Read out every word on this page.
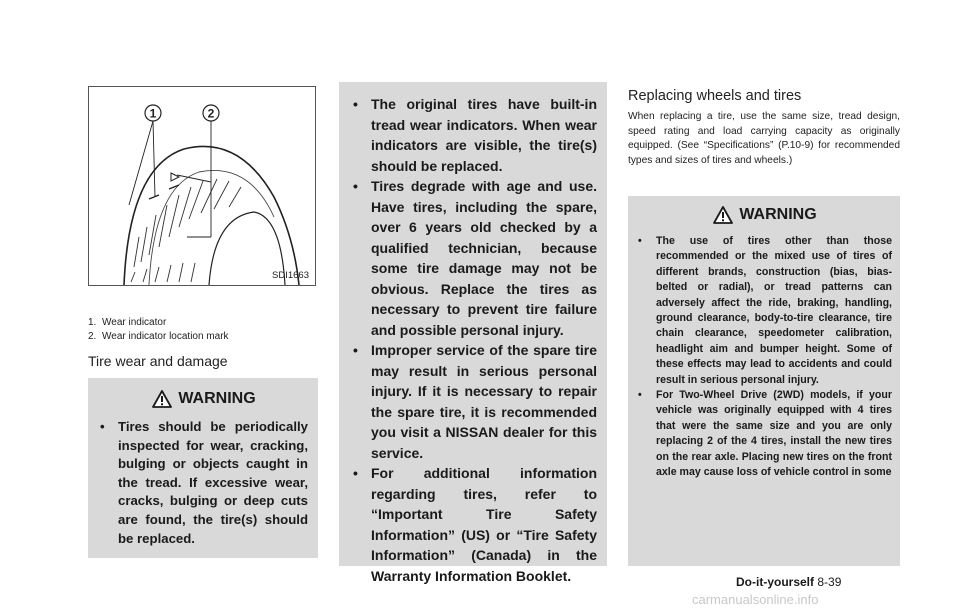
1	2
SDI1663
1. Wear indicator
2. Wear indicator location mark
Tire wear and damage
WARNING
•	Tires should be periodically inspected for wear, cracking, bulging or objects caught in the tread. If excessive wear, cracks, bulging or deep cuts are found, the tire(s) should be replaced.
• The original tires have built-in tread wear indicators. When wear indicators are visible, the tire(s) should be replaced.
• Tires degrade with age and use. Have tires, including the spare, over 6 years old checked by a qualified technician, because some tire damage may not be obvious. Replace the tires as necessary to prevent tire failure and possible personal injury.
• Improper service of the spare tire may result in serious personal injury. If it is necessary to repair the spare tire, it is recommended you visit a NISSAN dealer for this service.
• For additional information regarding tires, refer to “Important Tire Safety Information” (US) or “Tire Safety Information” (Canada) in the Warranty Information Booklet.
Replacing wheels and tires

When replacing a tire, use the same size, tread design, speed rating and load carrying capacity as originally equipped. (See “Specifications” (P.10-9) for recommended types and sizes of tires and wheels.)

WARNING
•	The use of tires other than those recommended or the mixed use of tires of different brands, construction (bias, bias-belted or radial), or tread patterns can adversely affect the ride, braking, handling, ground clearance, body-to-tire clearance, tire chain clearance, speedometer calibration, headlight aim and bumper height. Some of these effects may lead to accidents and could result in serious personal injury.
•	For Two-Wheel Drive (2WD) models, if your vehicle was originally equipped with 4 tires that were the same size and you are only replacing 2 of the 4 tires, install the new tires on the rear axle. Placing new tires on the front axle may cause loss of vehicle control in some
Do-it-yourself 8-39
carmanualsonline.info
